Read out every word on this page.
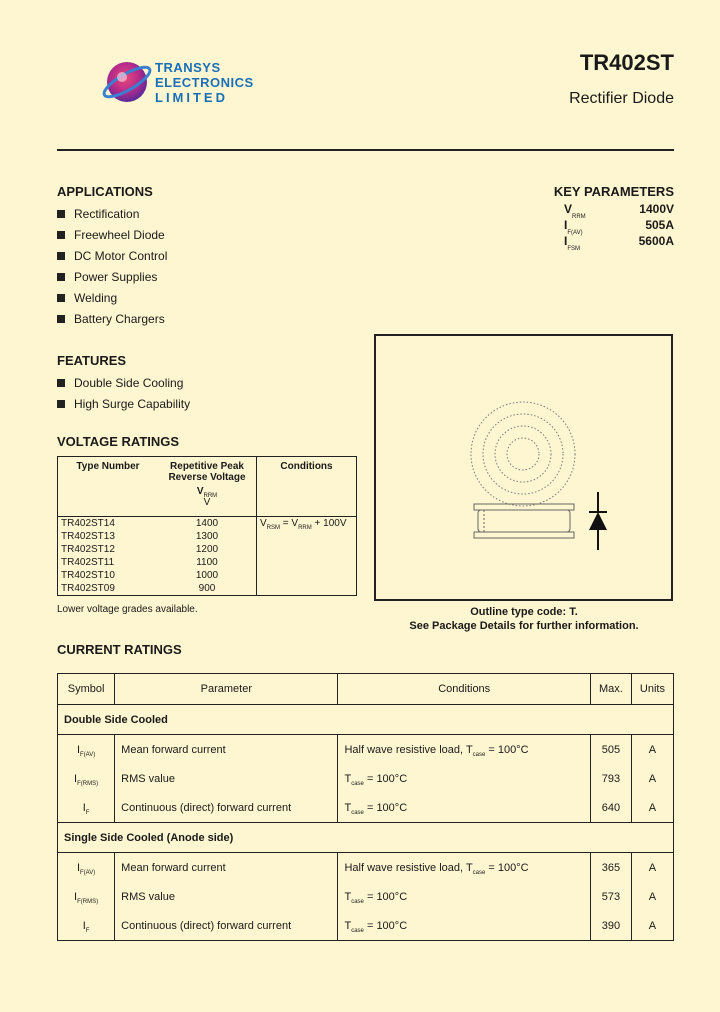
TRANSYS
ELECTRONICS
LIMITED
TR402ST
Rectifier Diode
APPLICATIONS
Rectification
Freewheel Diode
DC Motor Control
Power Supplies
Welding
Battery Chargers
FEATURES
Double Side Cooling
High Surge Capability
KEY PARAMETERS
$V_{RRM}$
1400V
$I_{F(AV)}$
505A
$I_{FSM}$
5600A
VOLTAGE RATINGS
Type Number	Repetitive Peak
Reverse Voltage
$V_{RRM}$
V	Conditions
TR402ST14	1400	$V_{RSM} = V_{RRM} + 100V$
TR402ST13	1300	
TR402ST12	1200	
TR402ST11	1100	
TR402ST10	1000	
TR402ST09	900	
Lower voltage grades available.	Outline type code: T.
See Package Details for further information.
CURRENT RATINGS
Symbol	Parameter	Conditions	Max.	Units
Double Side Cooled				
$I_{F(AV)}$	Mean forward current	Half wave resistive load, $T_{case} = 100^\circ C$	505	A
$I_{F(RMS)}$	RMS value	$T_{case} = 100^\circ C$	793	A
$I_F$	Continuous (direct) forward current	$T_{case} = 100^\circ C$	640	A
Single Side Cooled (Anode side)				
$I_{F(AV)}$	Mean forward current	Half wave resistive load, $T_{case} = 100^\circ C$	365	A
$I_{F(RMS)}$	RMS value	$T_{case} = 100^\circ C$	573	A
$I_F$	Continuous (direct) forward current	$T_{case} = 100^\circ C$	390	A
